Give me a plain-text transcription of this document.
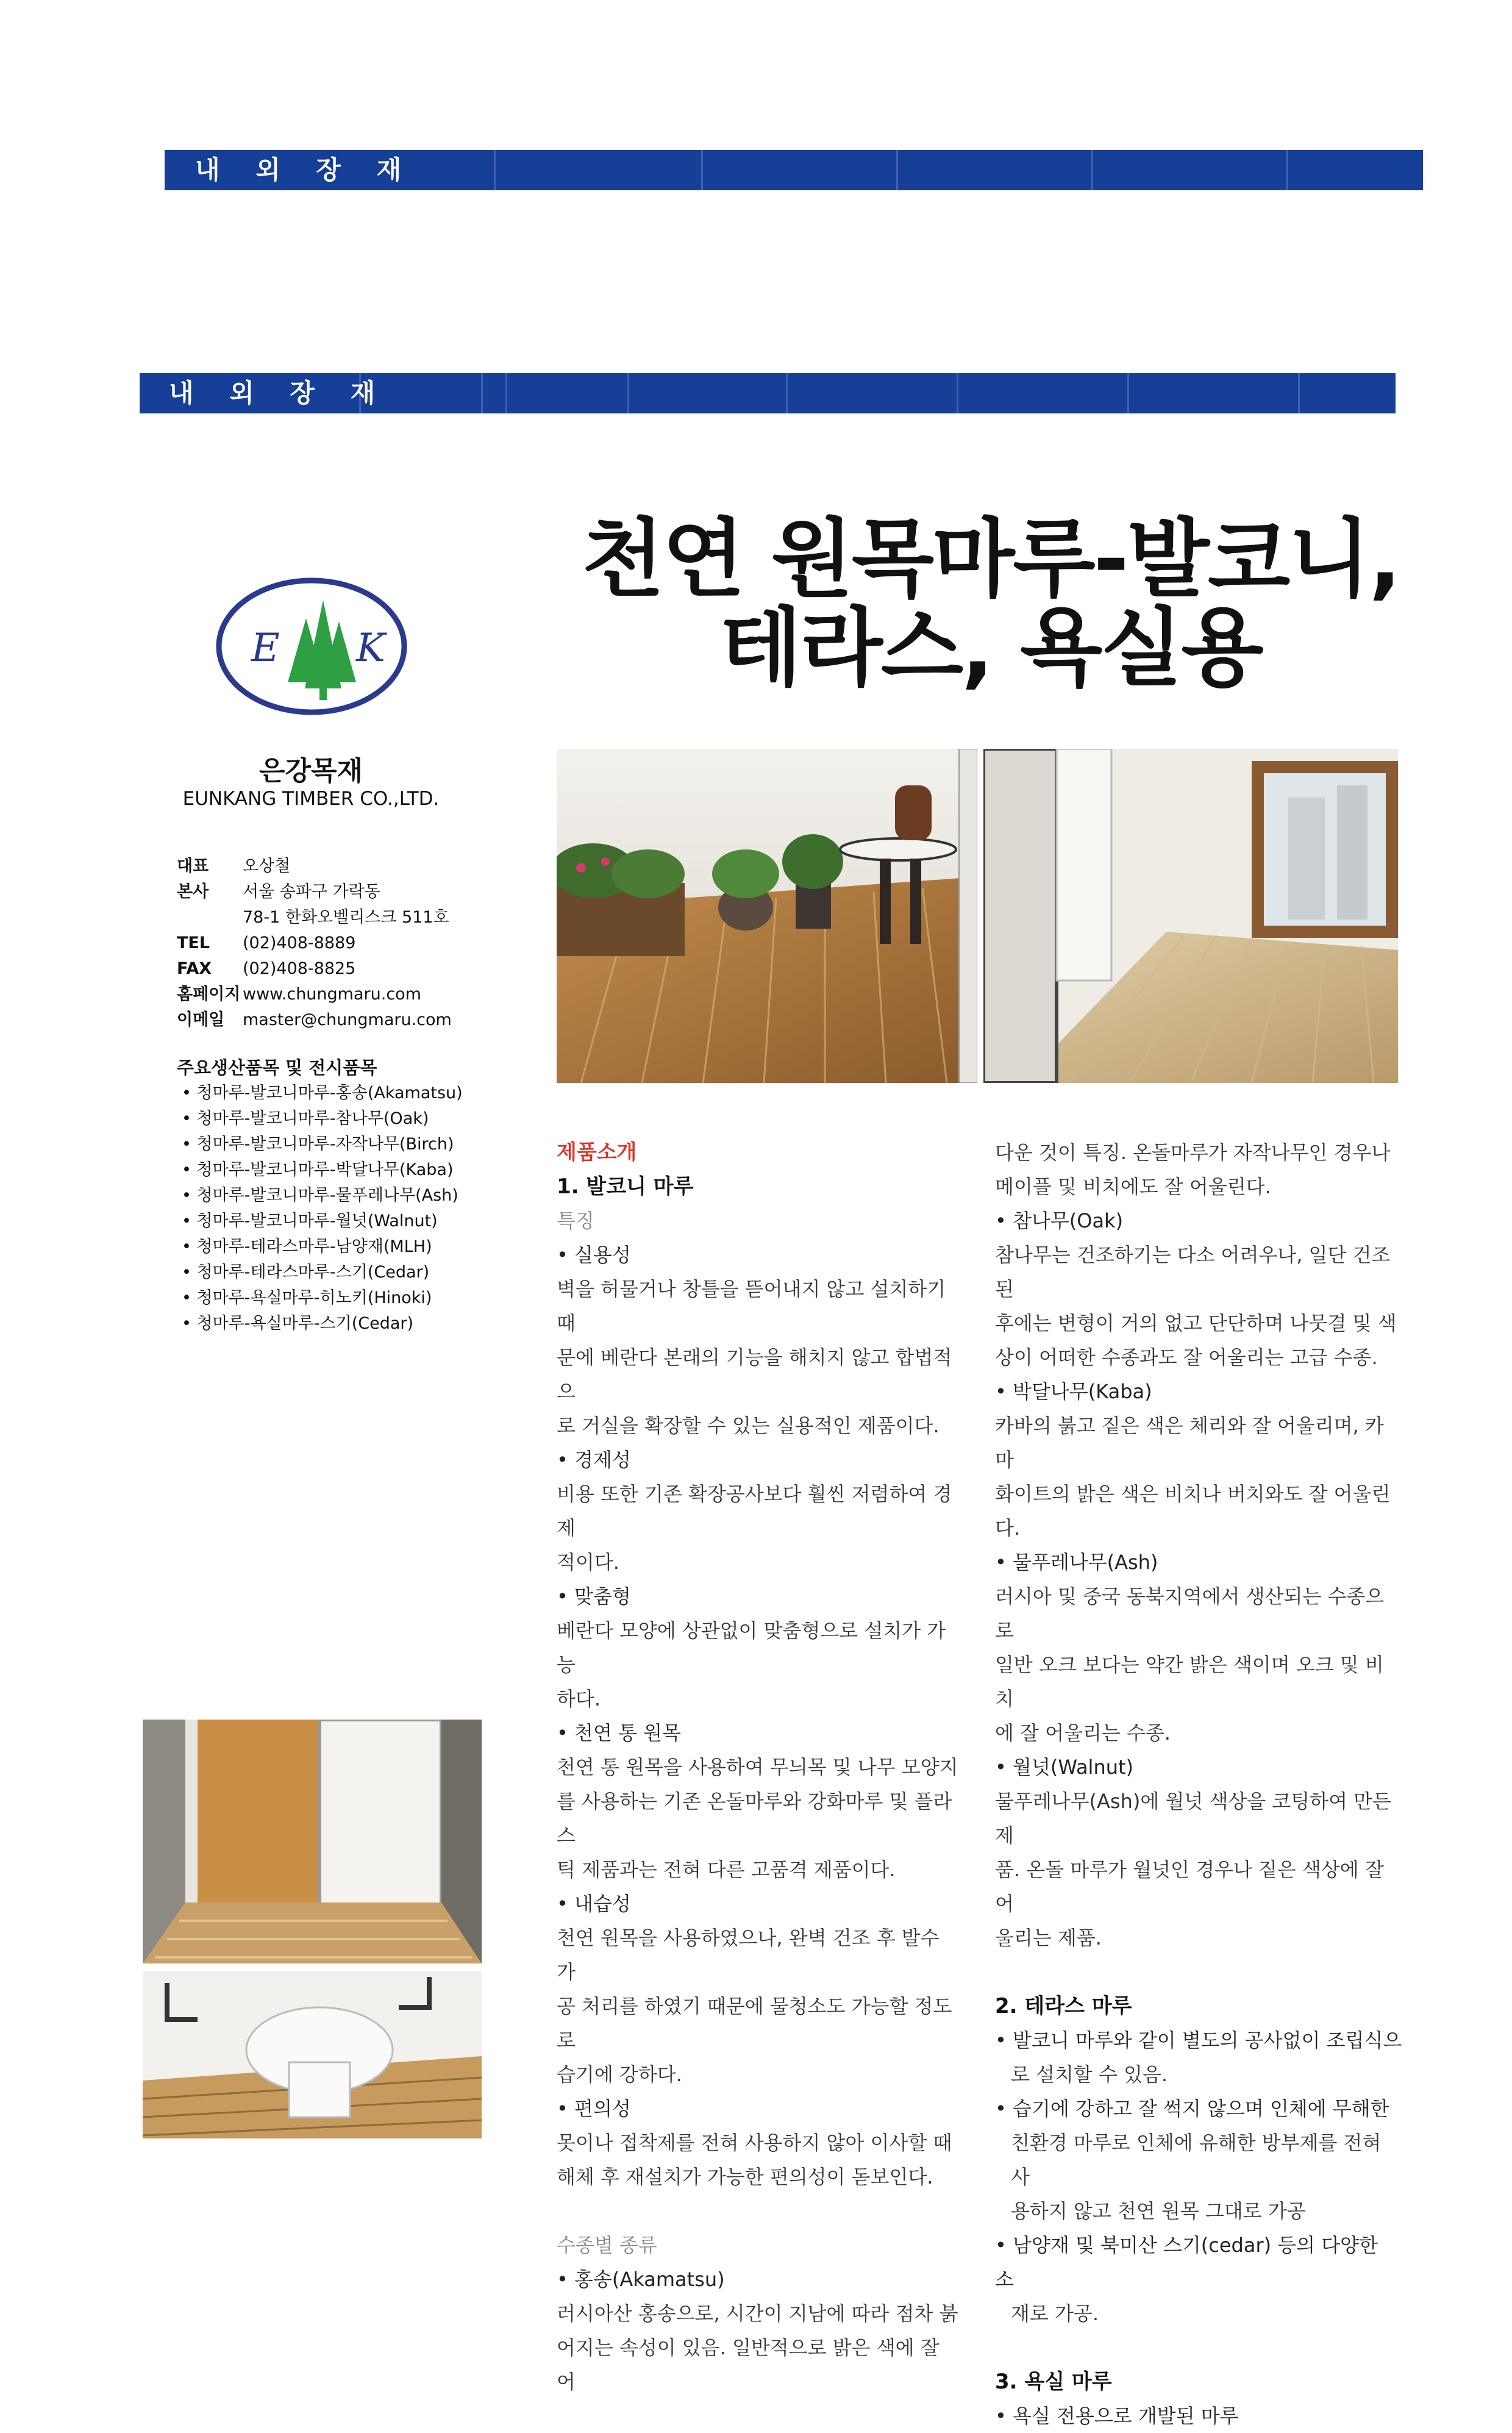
내 외 장 재
내 외 장 재
E K
은강목재
EUNKANG TIMBER CO.,LTD.
대표	오상철
본사	서울 송파구 가락동
78-1 한화오벨리스크 511호
TEL	(02)408-8889
FAX	(02)408-8825
홈페이지 www.chungmaru.com
이메일	master@chungmaru.com
주요생산품목 및 전시품목
• 청마루-발코니마루-홍송(Akamatsu)
• 청마루-발코니마루-참나무(Oak)
• 청마루-발코니마루-자작나무(Birch)
• 청마루-발코니마루-박달나무(Kaba)
• 청마루-발코니마루-물푸레나무(Ash)
• 청마루-발코니마루-월넛(Walnut)
• 청마루-테라스마루-남양재(MLH)
• 청마루-테라스마루-스기(Cedar)
• 청마루-욕실마루-히노키(Hinoki)
• 청마루-욕실마루-스기(Cedar)
천연 원목마루-발코니,
테라스, 욕실용

제품소개

1. 발코니 마루

특징

• 실용성

벽을 허물거나 창틀을 뜯어내지 않고 설치하기 때

문에 베란다 본래의 기능을 해치지 않고 합법적으

로 거실을 확장할 수 있는 실용적인 제품이다.

• 경제성

비용 또한 기존 확장공사보다 훨씬 저렴하여 경제

적이다.

• 맞춤형

베란다 모양에 상관없이 맞춤형으로 설치가 가능

하다.

• 천연 통 원목

천연 통 원목을 사용하여 무늬목 및 나무 모양지

를 사용하는 기존 온돌마루와 강화마루 및 플라스

틱 제품과는 전혀 다른 고품격 제품이다.

• 내습성

천연 원목을 사용하였으나, 완벽 건조 후 발수 가

공 처리를 하였기 때문에 물청소도 가능할 정도로

습기에 강하다.

• 편의성

못이나 접착제를 전혀 사용하지 않아 이사할 때

해체 후 재설치가 가능한 편의성이 돋보인다.

수종별 종류

• 홍송(Akamatsu)

러시아산 홍송으로, 시간이 지남에 따라 점차 붉

어지는 속성이 있음. 일반적으로 밝은 색에 잘 어

다운 것이 특징. 온돌마루가 자작나무인 경우나

메이플 및 비치에도 잘 어울린다.

• 참나무(Oak)

참나무는 건조하기는 다소 어려우나, 일단 건조된

후에는 변형이 거의 없고 단단하며 나뭇결 및 색

상이 어떠한 수종과도 잘 어울리는 고급 수종.

• 박달나무(Kaba)

카바의 붉고 짙은 색은 체리와 잘 어울리며, 카마

화이트의 밝은 색은 비치나 버치와도 잘 어울린다.

• 물푸레나무(Ash)

러시아 및 중국 동북지역에서 생산되는 수종으로

일반 오크 보다는 약간 밝은 색이며 오크 및 비치

에 잘 어울리는 수종.

• 월넛(Walnut)

물푸레나무(Ash)에 월넛 색상을 코팅하여 만든 제

품. 온돌 마루가 월넛인 경우나 짙은 색상에 잘 어

울리는 제품.

2. 테라스 마루

• 발코니 마루와 같이 별도의 공사없이 조립식으

로 설치할 수 있음.

• 습기에 강하고 잘 썩지 않으며 인체에 무해한

친환경 마루로 인체에 유해한 방부제를 전혀 사

용하지 않고 천연 원목 그대로 가공

• 남양재 및 북미산 스기(cedar) 등의 다양한 소

재로 가공.

3. 욕실 마루

• 욕실 전용으로 개발된 마루
